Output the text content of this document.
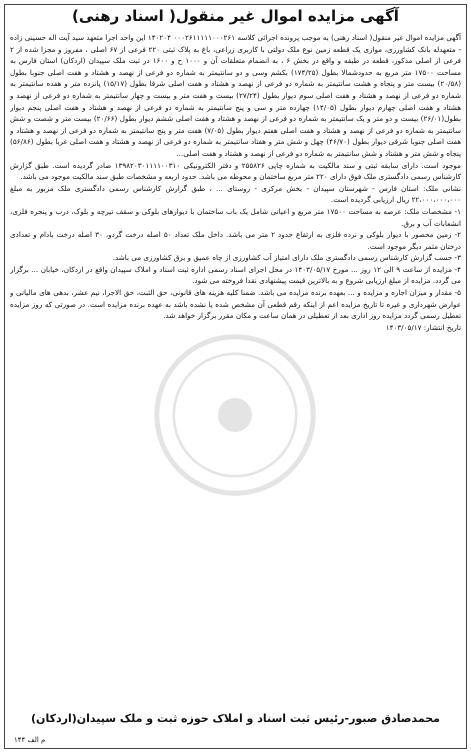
آگهی مزایده اموال غیر منقول( اسناد رهنی)

آگهی مزایده اموال غیر منقول( اسناد رهنی) به موجب پرونده اجرائی کلاسه ۰۰۰۲۶۱۱۱۱۱۰۰۰۲۶۱ ۱۴۰۲۰۴ این واحد اجرا متعهد سید آیت اله حسینی زاده - متعهدله بانک کشاورزی، موازی یک قطعه زمین نوع ملک دولتی با کاربری زراعی، باغ به پلاک ثبتی ۲۲۰ فرعی از ۶۷ اصلی ، مفروز و مجزا شده از ۲ فرعی از اصلی مذکور، قطعه در طبقه و واقع در بخش ۶ ، به انضمام متعلقات آن و ۱۰۰۰ ح و ۱۶۰۰ در ثبت ملک سپیدان (اردکان) استان فارس به مساحت ۱۷۵۰۰ متر مربع به حدودشمالا بطول (۱۷۴/۲۵) بکشم وسی و دو سانتیمتر به شماره دو فرعی از نهصد و هشتاد و هفت اصلی جنوبا بطول (۲۰/۵۸) بیست متر و پنجاه و هشت سانتیمتر به شماره دو فرعی از نهصد و هشتاد و هفت اصلی شرقا بطول (۱۵/۱۷) پانزده متر و هفده سانتیمتر به شماره دو فرعی از نهصد و هشتاد و هفت اصلی سوم دیوار بطول (۲۷/۲۴) بیست و هفت متر و بیست و چهار سانتیمتر به شماره دو فرعی از نهصد و هشتاد و هفت اصلی چهارم دیوار بطول (۱۴/۰۵) چهارده متر و سی و پنج سانتیمتر به شماره دو فرعی از نهصد و هشتاد و هفت اصلی پنجم دیوار بطول(۲۶/۰۱) بیست و دو متر و یک سانتیمتر به شماره دو فرعی از نهصد و هشتاد و هفت اصلی ششم دیوار بطول (۲۰/۶۶) بیست متر و شصت و شش سانتیمتر به شماره دو فرعی از نهصد و هشتاد و هفت اصلی هفتم دیوار بطول (۷/۰۵) هفت متر و پنج سانتیمتر به شماره دو فرعی از نهصد و هشتاد و هفت اصلی جنوبا شرقی دیوار بطول (۴۶/۷۰) چهل و شش متر و هفتاد سانتیمتر به شماره دو فرعی از نهصد و هشتاد و هفت اصلی غربا بطول (۵۶/۸۶) پنجاه و شش متر و هشتاد و شش سانتیمتر به شماره دو فرعی از نهصد و هشتاد و هفت اصلی...

موجود است. دارای سابقه ثبتی و سند مالکیت به شماره چاپی ۲۵۵۸۲۶ و دفتر الکترونیکی ۱۳۹۸۲۰۳۰۱۱۱۱۰۰۳۱۰ صادر گردیده است. طبق گزارش کارشناس رسمی دادگستری ملک فوق دارای ۲۲۰ متر مربع ساختمان و محوطه می باشد. حدود اربعه و مشخصات طبق سند مالکیت موجود می باشد.

نشانی ملک: استان فارس - شهرستان سپیدان - بخش مرکزی - روستای ... ، طبق گزارش کارشناس رسمی دادگستری ملک مزبور به مبلغ ۲۲،۰۰۰،۰۰۰،۰۰۰ ریال ارزیابی گردیده است.

۱- مشخصات ملک: عرصه به مساحت ۱۷۵۰۰ متر مربع و اعیانی شامل یک باب ساختمان با دیوارهای بلوکی و سقف تیرچه و بلوک، درب و پنجره فلزی، انشعابات آب و برق.

۲- زمین محصور با دیوار بلوکی و نرده فلزی به ارتفاع حدود ۲ متر می باشد. داخل ملک تعداد ۵۰ اصله درخت گردو، ۳۰ اصله درخت بادام و تعدادی درختان مثمر دیگر موجود است.

۳- حسب گزارش کارشناس رسمی دادگستری ملک دارای امتیاز آب کشاورزی از چاه عمیق و برق کشاورزی می باشد.

۴- مزایده از ساعت ۹ الی ۱۲ روز ... مورخ ۱۴۰۳/۰۵/۱۷ در محل اجرای اسناد رسمی اداره ثبت اسناد و املاک سپیدان واقع در اردکان، خیابان ... برگزار می گردد. مزایده از مبلغ ارزیابی شروع و به بالاترین قیمت پیشنهادی نقدا فروخته می شود.

۵- مقدار و میزان اجاره و مزایده و ... بعهده برنده مزایده می باشد. ضمنا کلیه هزینه های قانونی، حق الثبت، حق الاجرا، نیم عشر، بدهی های مالیاتی و عوارض شهرداری و غیره تا تاریخ مزایده اعم از اینکه رقم قطعی آن مشخص شده یا نشده باشد به عهده برنده مزایده است. در صورتی که روز مزایده تعطیل رسمی گردد مزایده روز اداری بعد از تعطیلی در همان ساعت و مکان مقرر برگزار خواهد شد.

تاریخ انتشار: ۱۴۰۳/۰۵/۱۷

محمدصادق صبور-رئیس ثبت اسناد و املاک حوزه ثبت و ملک سپیدان(اردکان)
م الف ۱۴۴
